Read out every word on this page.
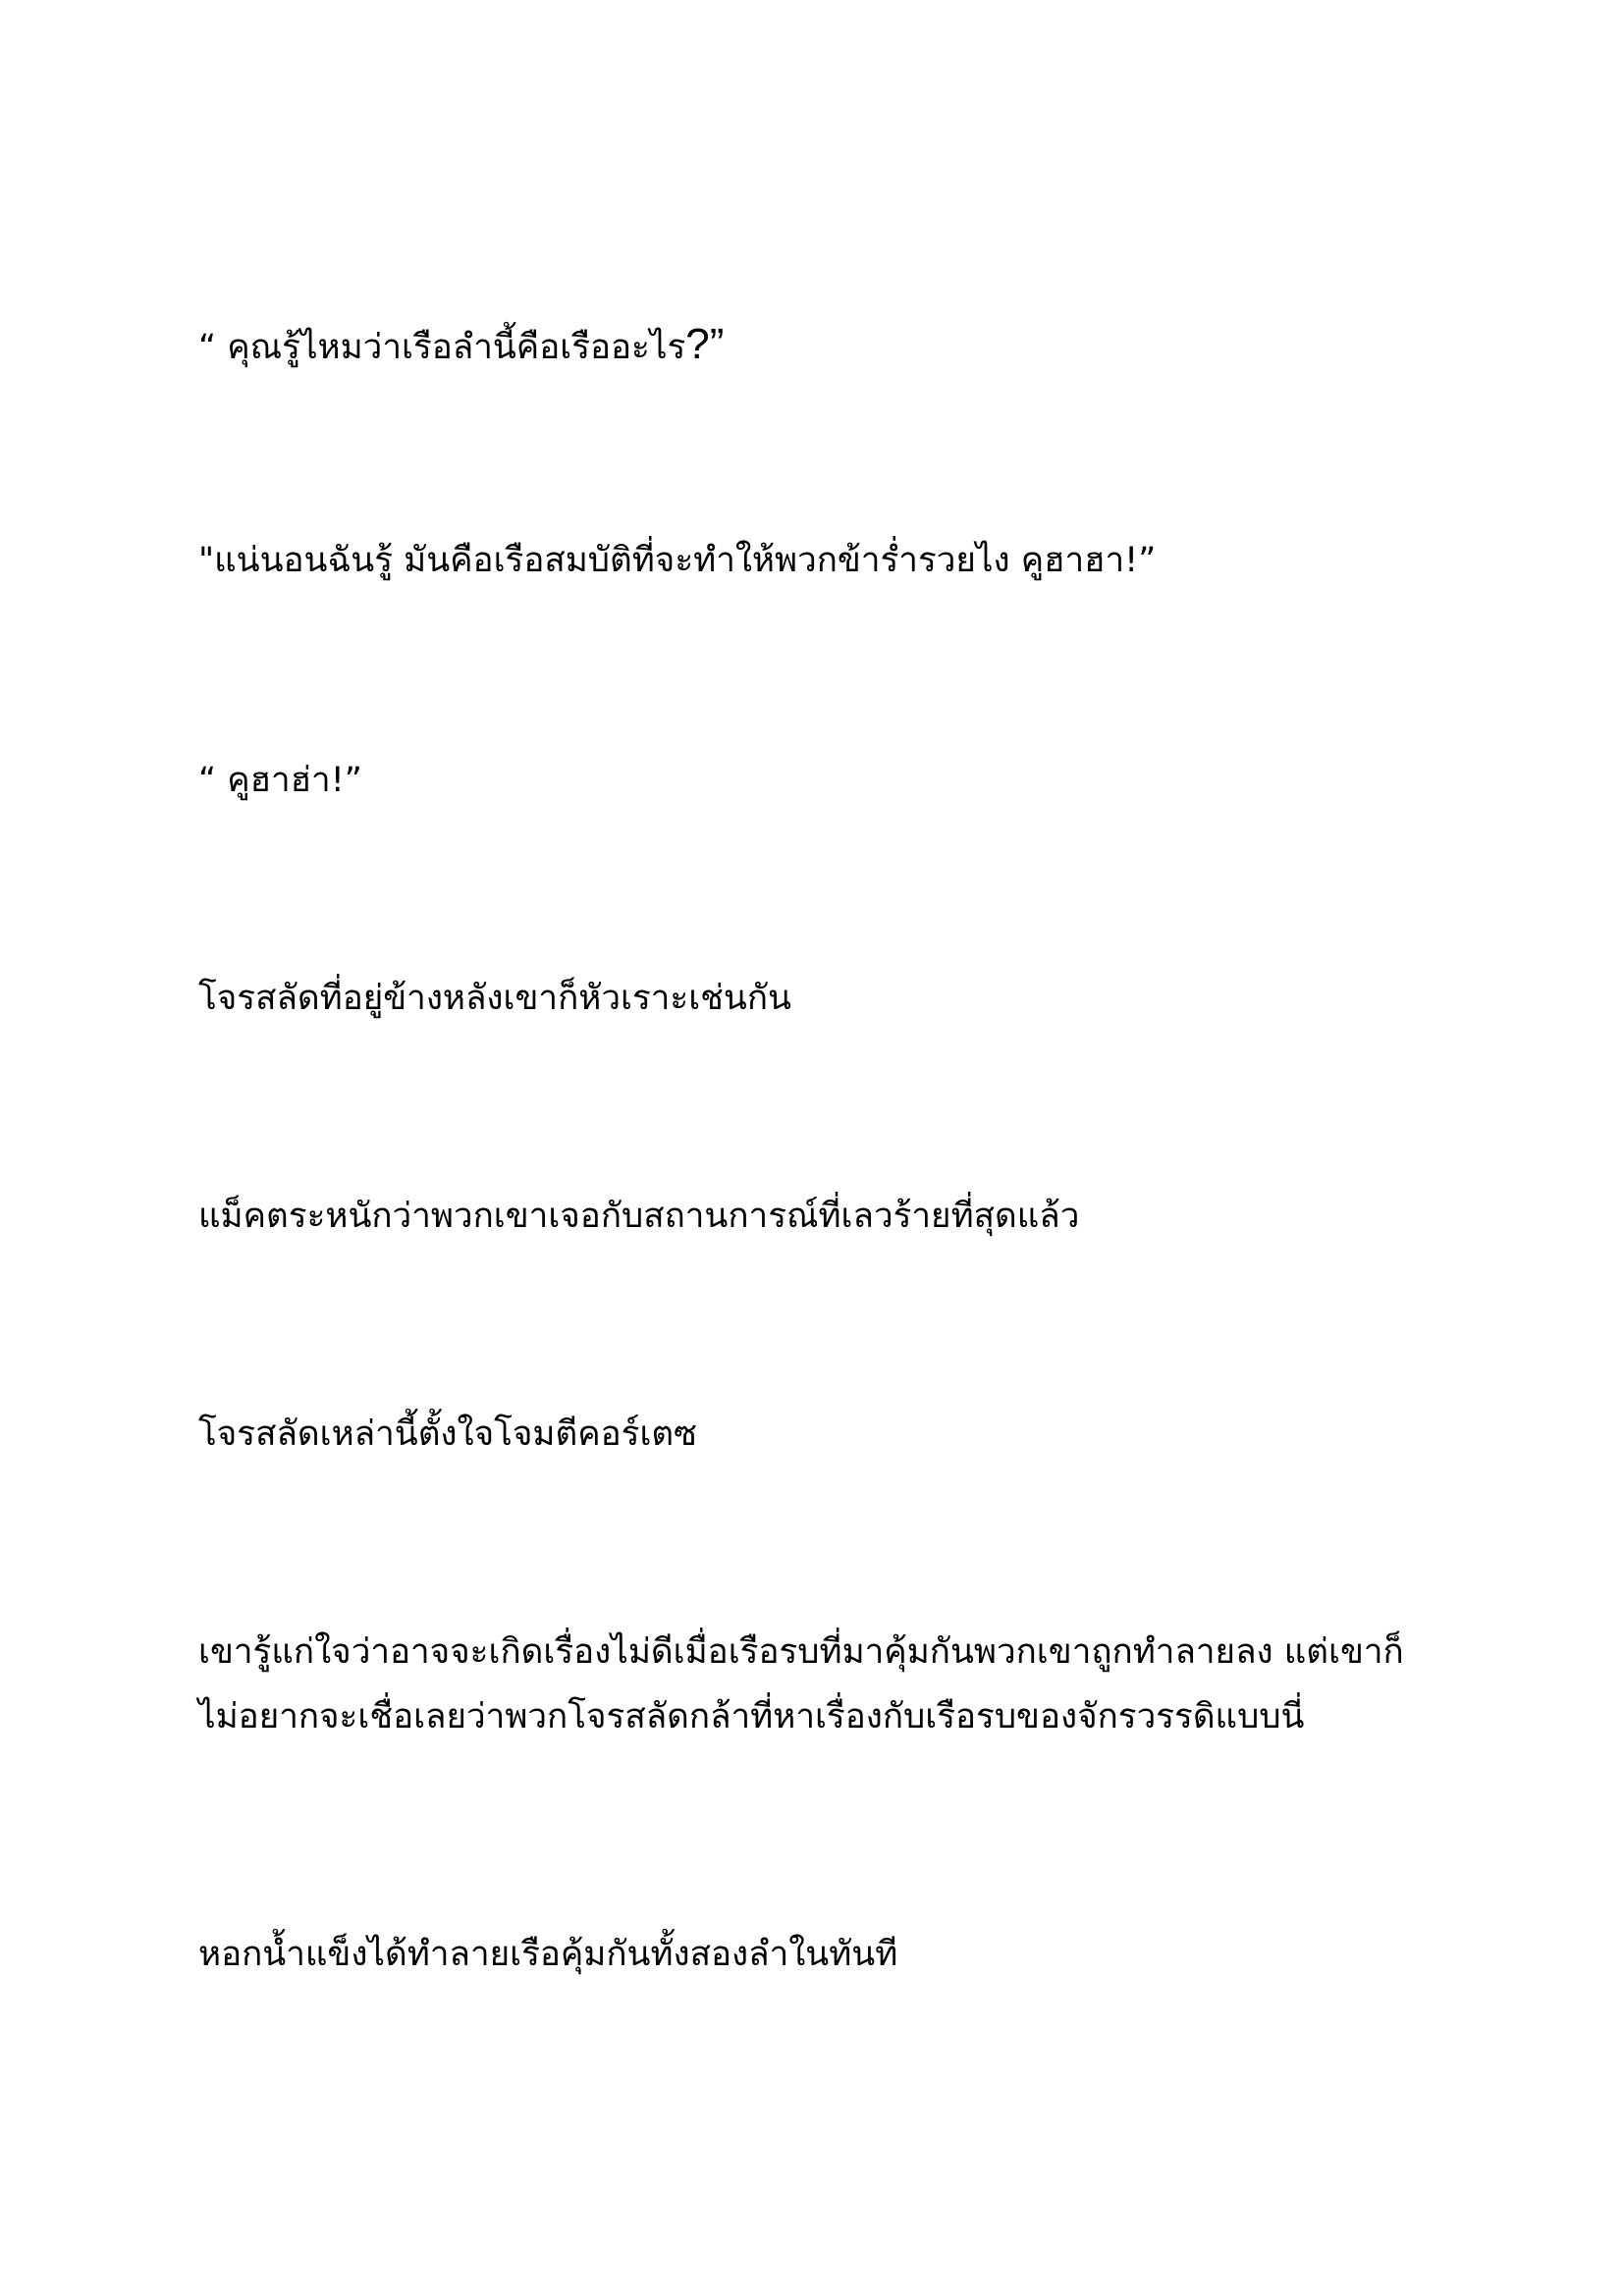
“ คุณรู้ไหมว่าเรือลำนี้คือเรืออะไร?”

"แน่นอนฉันรู้ มันคือเรือสมบัติที่จะทำให้พวกข้าร่ำรวยไง คูฮาฮา!”

“ คูฮาฮ่า!”

โจรสลัดที่อยู่ข้างหลังเขาก็หัวเราะเช่นกัน

แม็คตระหนักว่าพวกเขาเจอกับสถานการณ์ที่เลวร้ายที่สุดแล้ว

โจรสลัดเหล่านี้ตั้งใจโจมตีคอร์เตซ

เขารู้แก่ใจว่าอาจจะเกิดเรื่องไม่ดีเมื่อเรือรบที่มาคุ้มกันพวกเขาถูกทำลายลง แต่เขาก็
ไม่อยากจะเชื่อเลยว่าพวกโจรสลัดกล้าที่หาเรื่องกับเรือรบของจักรวรรดิแบบนี่

หอกน้ำแข็งได้ทำลายเรือคุ้มกันทั้งสองลำในทันที
